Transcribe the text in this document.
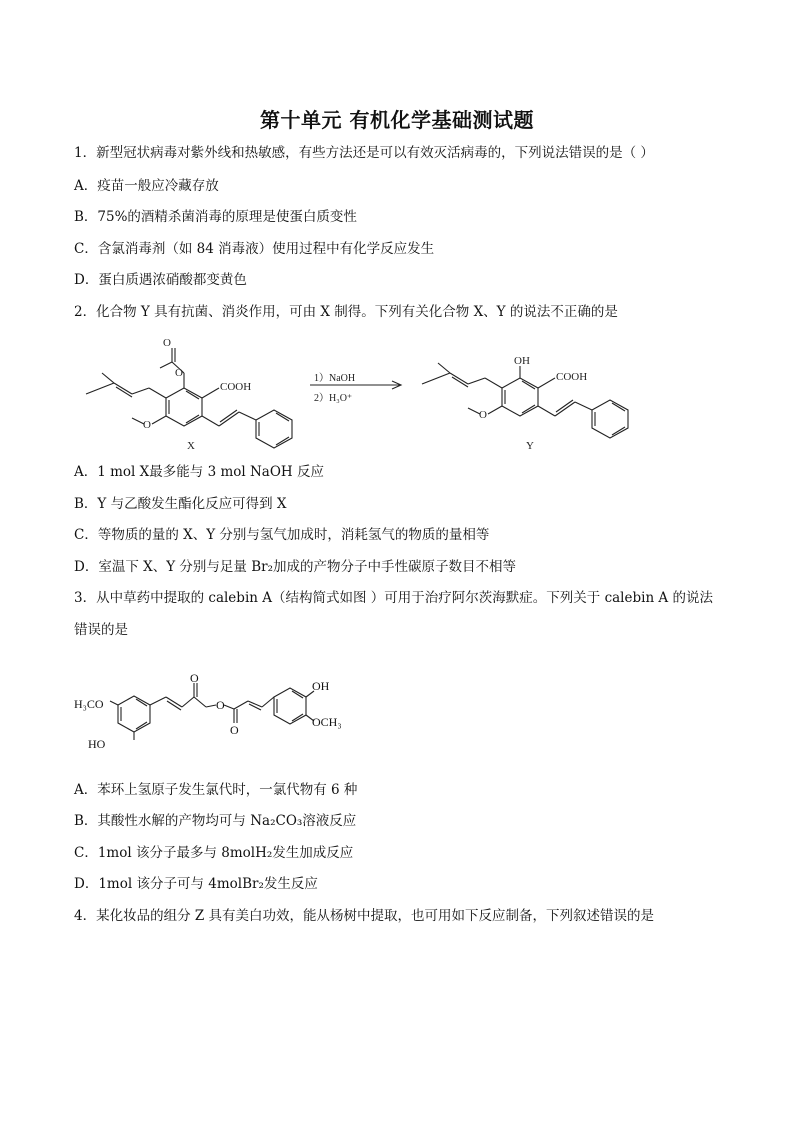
第十单元 有机化学基础测试题
1．新型冠状病毒对紫外线和热敏感，有些方法还是可以有效灭活病毒的，下列说法错误的是（ ）
A．疫苗一般应冷藏存放
B．75%的酒精杀菌消毒的原理是使蛋白质变性
C．含氯消毒剂（如 84 消毒液）使用过程中有化学反应发生
D．蛋白质遇浓硝酸都变黄色
2．化合物 Y 具有抗菌、消炎作用，可由 X 制得。下列有关化合物 X、Y 的说法不正确的是
O
O
COOH
O
X
1）NaOH
2）H₃O⁺
OH
COOH
O
Y
A．1 mol X最多能与 3 mol NaOH 反应
B．Y 与乙酸发生酯化反应可得到 X
C．等物质的量的 X、Y 分别与氢气加成时，消耗氢气的物质的量相等
D．室温下 X、Y 分别与足量 Br₂加成的产物分子中手性碳原子数目不相等
3．从中草药中提取的 calebin A（结构简式如图 ）可用于治疗阿尔茨海默症。下列关于 calebin A 的说法错误的是
H₃CO
HO
O
O
O
OH
OCH₃
A．苯环上氢原子发生氯代时，一氯代物有 6 种
B．其酸性水解的产物均可与 Na₂CO₃溶液反应
C．1mol 该分子最多与 8molH₂发生加成反应
D．1mol 该分子可与 4molBr₂发生反应
4．某化妆品的组分 Z 具有美白功效，能从杨树中提取，也可用如下反应制备，下列叙述错误的是
